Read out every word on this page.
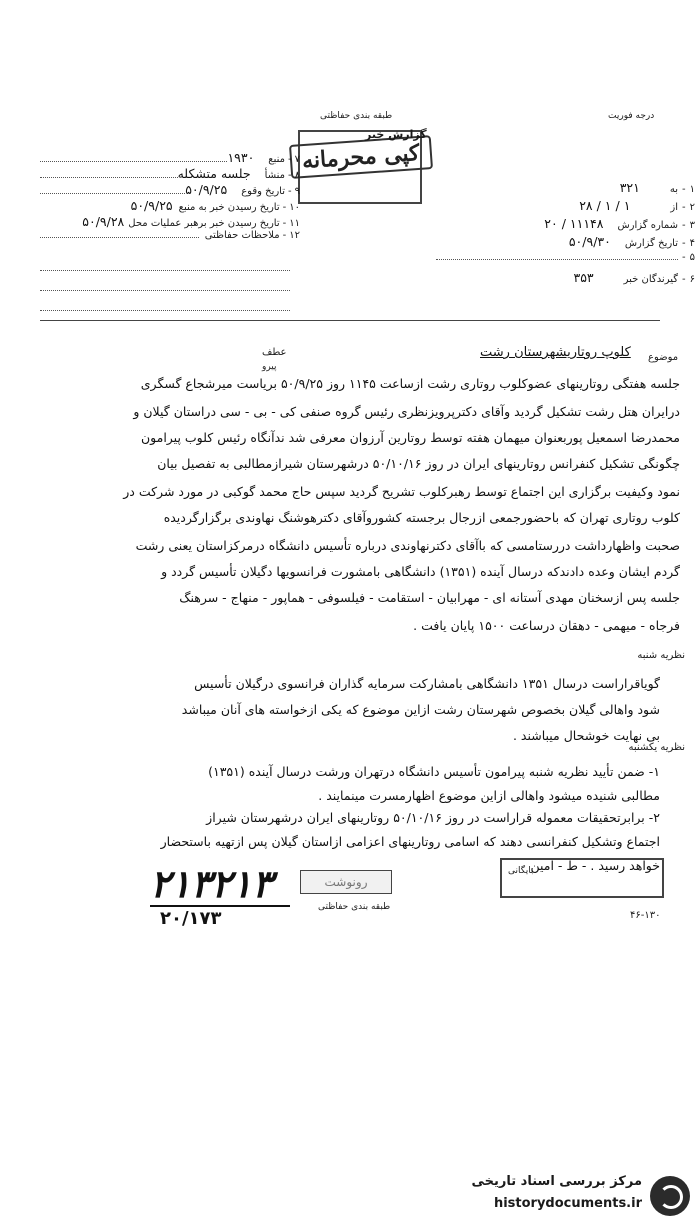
درجه فوریت
طبقه بندی حفاظتی
کپی محرمانه
گزارش خبر
۱
-
به
۳۲۱
۲
-
از
۱ / ۱ / ۲۸
۳
-
شماره گزارش
۱۱۱۴۸ / ۲۰
۴
-
تاریخ گزارش
۵۰/۹/۳۰
۵
-
۶
-
گیرندگان خبر
۳۵۳
۷
-
منبع
۱۹۳۰
۸
-
منشأ
جلسه متشکله
۹
-
تاریخ وقوع
۵۰/۹/۲۵
۱۰
-
تاریخ رسیدن خبر به منبع
۵۰/۹/۲۵
۱۱
-
تاریخ رسیدن خبر برهبر عملیات محل
۵۰/۹/۲۸
۱۲
-
ملاحظات حفاظتی
موضوع
کلوپ روتاریشهرستان رشت
عطف
پیرو
جلسه هفتگی روتارینهای عضوکلوب روتاری رشت ازساعت ۱۱۴۵ روز ۵۰/۹/۲۵ بریاست میرشجاع گسگری
درایران هتل رشت تشکیل گردید وآقای دکترپرویزنظری رئیس گروه صنفی کی - بی - سی دراستان گیلان و
محمدرضا اسمعیل پوربعنوان میهمان هفته توسط روتارین آرزوان معرفی شد ندآنگاه رئیس کلوب پیرامون
چگونگی تشکیل کنفرانس روتارینهای ایران در روز ۵۰/۱۰/۱۶ درشهرستان شیرازمطالبی به تفصیل بیان
نمود وکیفیت برگزاری این اجتماع توسط رهبرکلوب تشریح گردید سپس حاج محمد گوکبی در مورد شرکت در
کلوب روتاری تهران که باحضورجمعی ازرجال برجسته کشوروآقای دکترهوشنگ نهاوندی برگزارگردیده
صحبت واظهارداشت دررستامسی که باآقای دکترنهاوندی درباره تأسیس دانشگاه درمرکزاستان یعنی رشت
گردم ایشان وعده دادندکه درسال آینده (۱۳۵۱) دانشگاهی بامشورت فرانسویها دگیلان تأسیس گردد و
جلسه پس ازسخنان مهدی آستانه ای - مهرابیان - استقامت - فیلسوفی - هماپور - منهاج - سرهنگ
فرجاه - میهمی - دهقان درساعت ۱۵۰۰ پایان یافت .
نظریه شنبه
گویاقراراست درسال ۱۳۵۱ دانشگاهی بامشارکت سرمایه گذاران فرانسوی درگیلان تأسیس
شود واهالی گیلان بخصوص شهرستان رشت ازاین موضوع که یکی ازخواسته های آنان میباشد
بی نهایت خوشحال میباشند .
نظریه یکشنبه
۱- ضمن تأیید نظریه شنبه پیرامون تأسیس دانشگاه درتهران ورشت درسال آینده (۱۳۵۱)
مطالبی شنیده میشود واهالی ازاین موضوع اظهارمسرت مینمایند .
۲- برابرتحقیقات معموله قراراست در روز ۵۰/۱۰/۱۶ روتارینهای ایران درشهرستان شیراز
اجتماع وتشکیل کنفرانسی دهند که اسامی روتارینهای اعزامی ازاستان گیلان پس ازتهیه باستحضار
خواهد رسید . - ط - آمین
۲۱۳۲۱۳
۲۰/۱۷۳
رونوشت
طبقه بندی حفاظتی
بایگانی
۴۶-۱۳۰
مرکز بررسی اسناد تاریخی
historydocuments.ir
